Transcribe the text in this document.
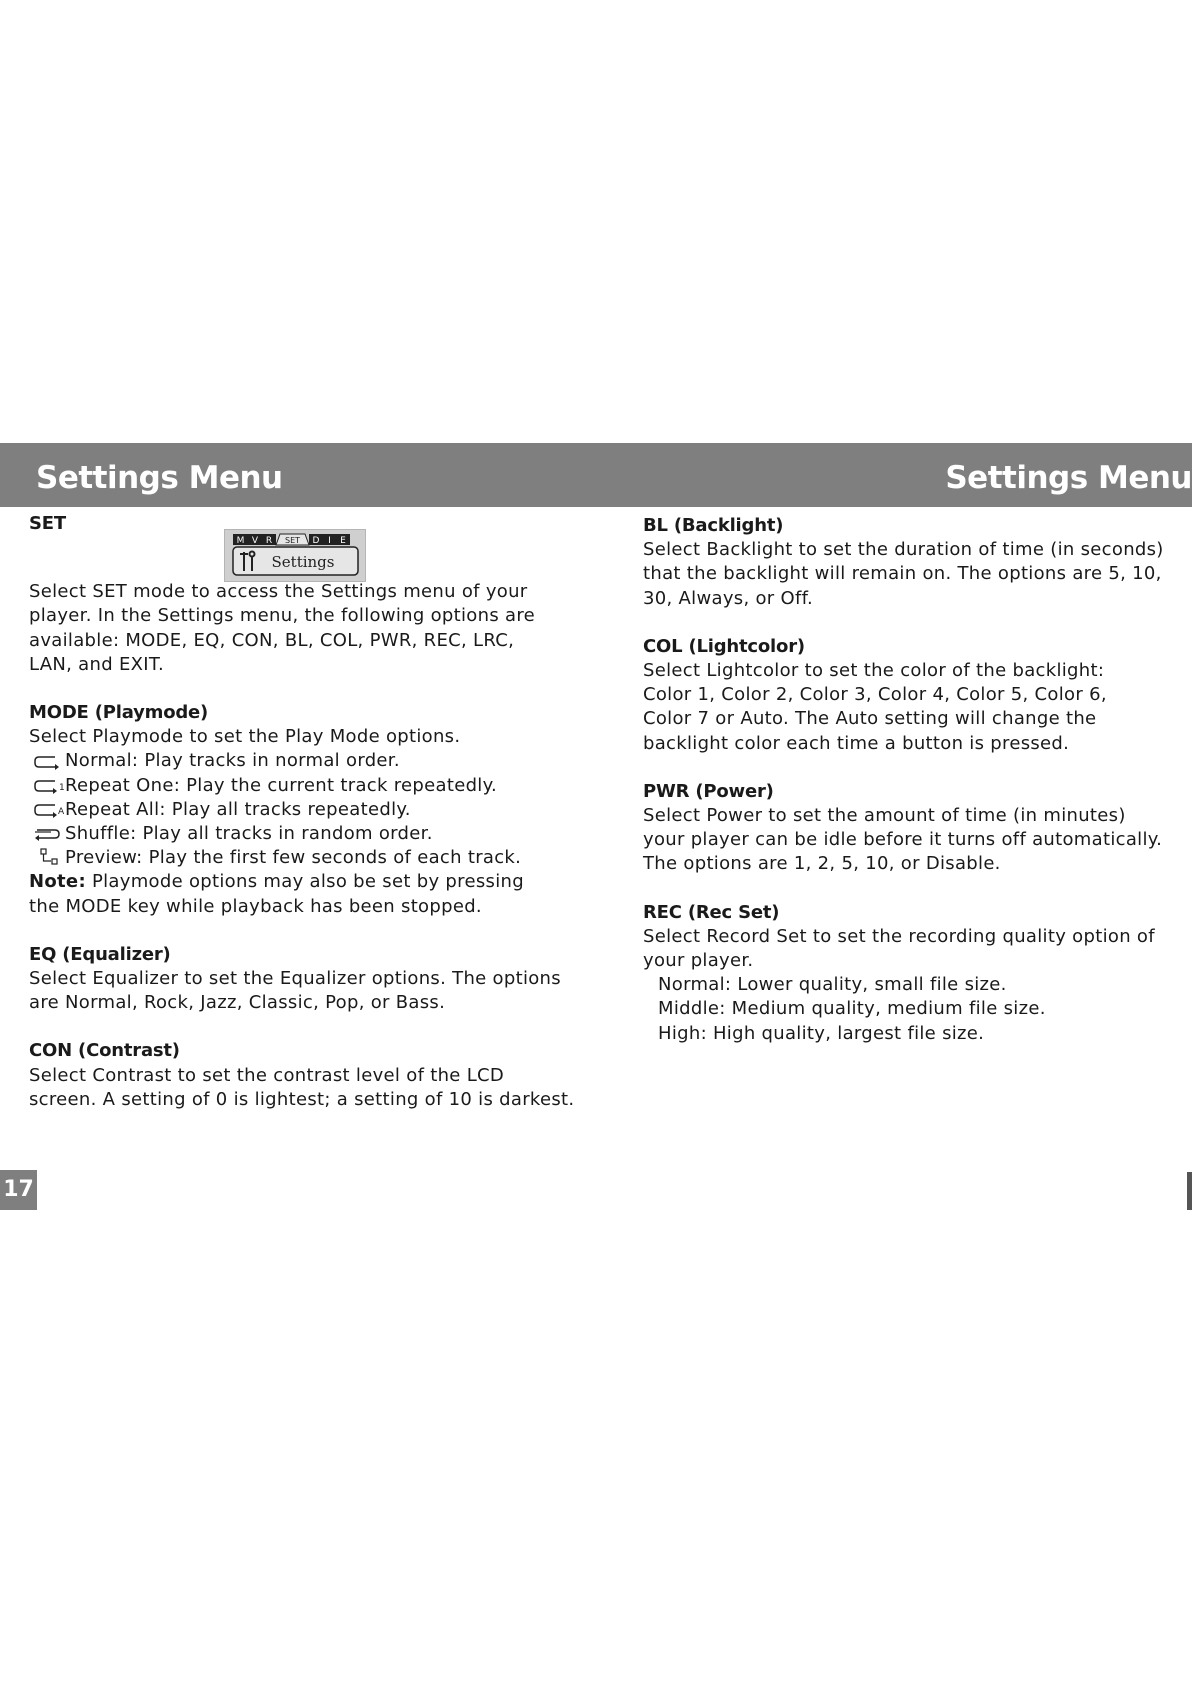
Settings Menu	Settings Menu
M V R SET D I E
Settings
SET
Select SET mode to access the Settings menu of your
player. In the Settings menu, the following options are
available: MODE, EQ, CON, BL, COL, PWR, REC, LRC,
LAN, and EXIT.
MODE (Playmode)
Select Playmode to set the Play Mode options.
Normal: Play tracks in normal order.
1 Repeat One: Play the current track repeatedly.
A Repeat All: Play all tracks repeatedly.
Shuffle: Play all tracks in random order.
Preview: Play the first few seconds of each track.
Note: Playmode options may also be set by pressing
the MODE key while playback has been stopped.
EQ (Equalizer)
Select Equalizer to set the Equalizer options. The options
are Normal, Rock, Jazz, Classic, Pop, or Bass.
CON (Contrast)
Select Contrast to set the contrast level of the LCD
screen. A setting of 0 is lightest; a setting of 10 is darkest.
BL (Backlight)
Select Backlight to set the duration of time (in seconds)
that the backlight will remain on. The options are 5, 10,
30, Always, or Off.
COL (Lightcolor)
Select Lightcolor to set the color of the backlight:
Color 1, Color 2, Color 3, Color 4, Color 5, Color 6,
Color 7 or Auto. The Auto setting will change the
backlight color each time a button is pressed.
PWR (Power)
Select Power to set the amount of time (in minutes)
your player can be idle before it turns off automatically.
The options are 1, 2, 5, 10, or Disable.
REC (Rec Set)
Select Record Set to set the recording quality option of
your player.
Normal: Lower quality, small file size.
Middle: Medium quality, medium file size.
High: High quality, largest file size.
17
